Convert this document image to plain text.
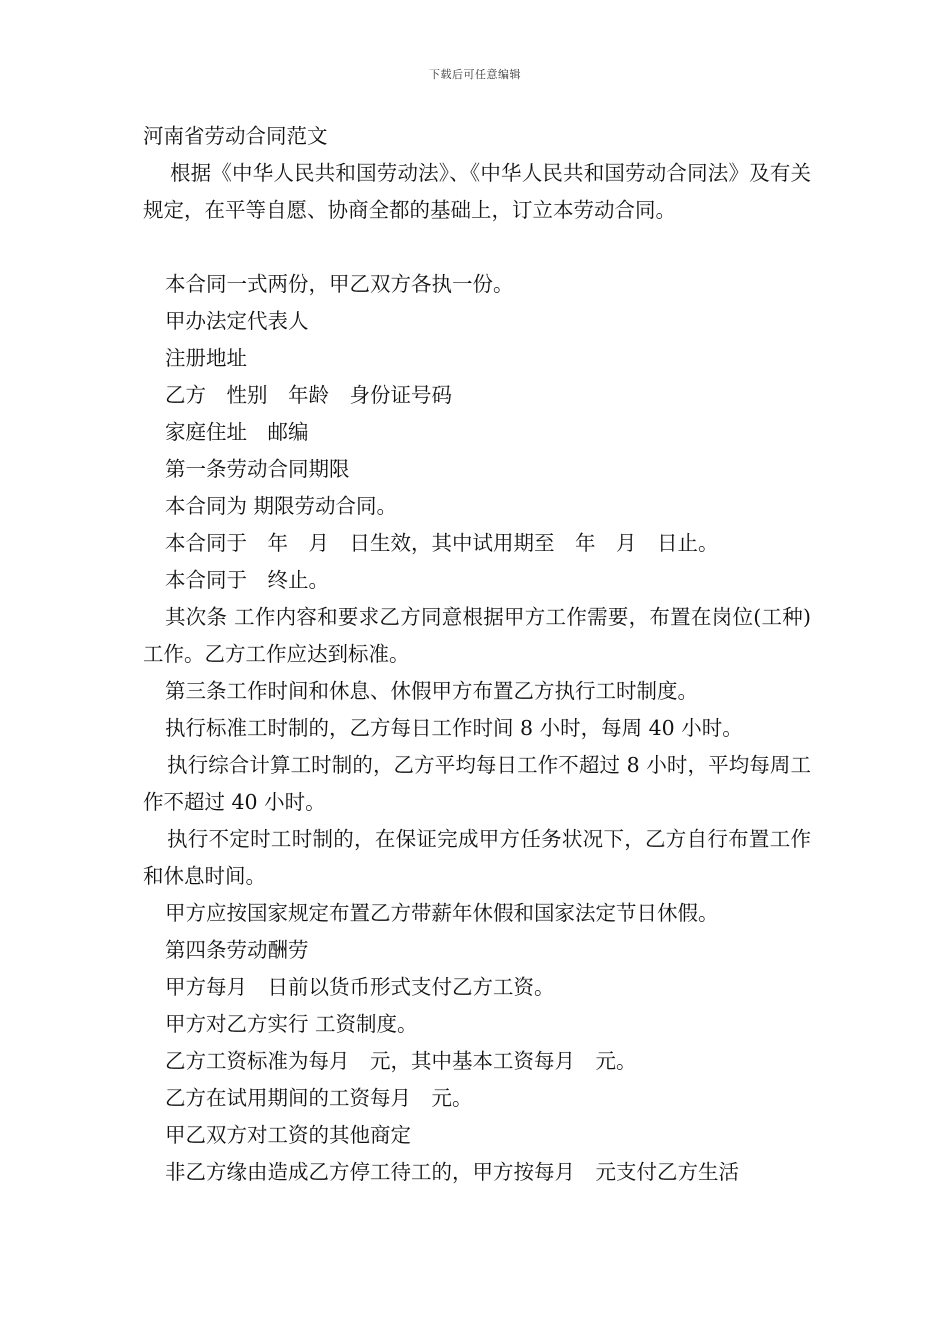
下载后可任意编辑
河南省劳动合同范文
根据《中华人民共和国劳动法》、《中华人民共和国劳动合同法》及有关规定，在平等自愿、协商全都的基础上，订立本劳动合同。
本合同一式两份，甲乙双方各执一份。
甲办法定代表人
注册地址
乙方　性别　年龄　身份证号码
家庭住址　邮编
第一条劳动合同期限
本合同为 期限劳动合同。
本合同于　年　月　日生效，其中试用期至　年　月　日止。
本合同于　终止。
其次条 工作内容和要求乙方同意根据甲方工作需要，布置在岗位(工种)工作。乙方工作应达到标准。
第三条工作时间和休息、休假甲方布置乙方执行工时制度。
执行标准工时制的，乙方每日工作时间 8 小时，每周 40 小时。
执行综合计算工时制的，乙方平均每日工作不超过 8 小时，平均每周工作不超过 40 小时。
执行不定时工时制的，在保证完成甲方任务状况下，乙方自行布置工作和休息时间。
甲方应按国家规定布置乙方带薪年休假和国家法定节日休假。
第四条劳动酬劳
甲方每月　日前以货币形式支付乙方工资。
甲方对乙方实行 工资制度。
乙方工资标准为每月　元，其中基本工资每月　元。
乙方在试用期间的工资每月　元。
甲乙双方对工资的其他商定
非乙方缘由造成乙方停工待工的，甲方按每月　元支付乙方生活
